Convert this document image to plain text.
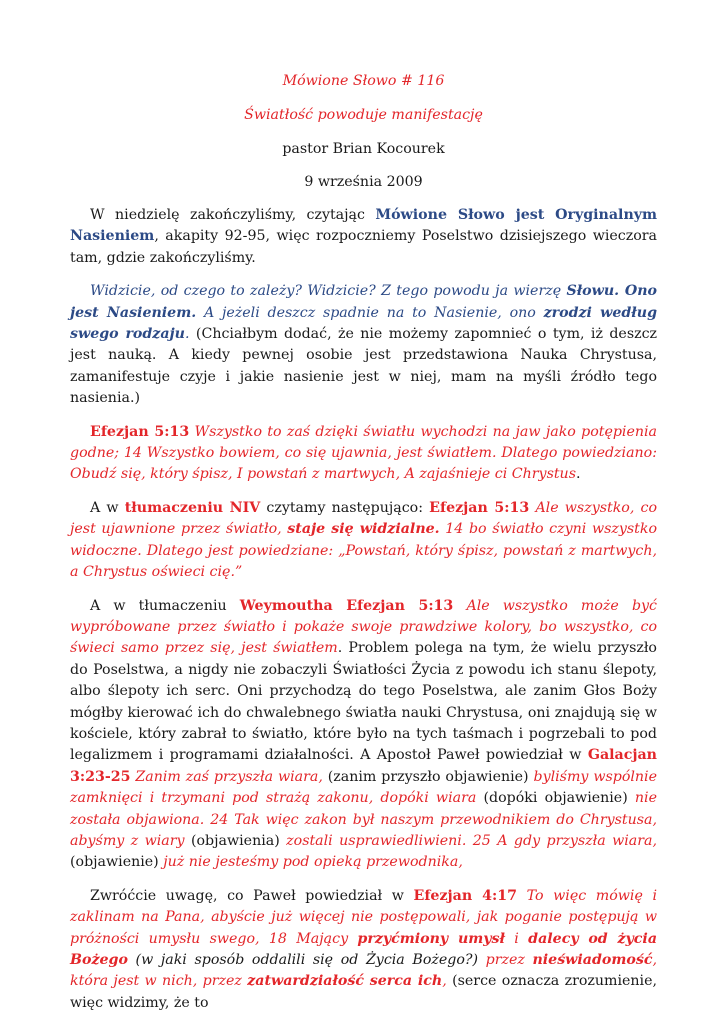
Mówione Słowo # 116
Światłość powoduje manifestację
pastor Brian Kocourek
9 września 2009

W niedzielę zakończyliśmy, czytając Mówione Słowo jest Oryginalnym Nasieniem, akapity 92-95, więc rozpoczniemy Poselstwo dzisiejszego wieczora tam, gdzie zakończyliśmy.

Widzicie, od czego to zależy? Widzicie? Z tego powodu ja wierzę Słowu. Ono jest Nasieniem. A jeżeli deszcz spadnie na to Nasienie, ono zrodzi według swego rodzaju. (Chciałbym dodać, że nie możemy zapomnieć o tym, iż deszcz jest nauką. A kiedy pewnej osobie jest przedstawiona Nauka Chrystusa, zamanifestuje czyje i jakie nasienie jest w niej, mam na myśli źródło tego nasienia.)

Efezjan 5:13 Wszystko to zaś dzięki światłu wychodzi na jaw jako potępienia godne; 14 Wszystko bowiem, co się ujawnia, jest światłem. Dlatego powiedziano: Obudź się, który śpisz, I powstań z martwych, A zajaśnieje ci Chrystus.

A w tłumaczeniu NIV czytamy następująco: Efezjan 5:13 Ale wszystko, co jest ujawnione przez światło, staje się widzialne. 14 bo światło czyni wszystko widoczne. Dlatego jest powiedziane: „Powstań, który śpisz, powstań z martwych, a Chrystus oświeci cię.”

A w tłumaczeniu Weymoutha Efezjan 5:13 Ale wszystko może być wypróbowane przez światło i pokaże swoje prawdziwe kolory, bo wszystko, co świeci samo przez się, jest światłem. Problem polega na tym, że wielu przyszło do Poselstwa, a nigdy nie zobaczyli Światłości Życia z powodu ich stanu ślepoty, albo ślepoty ich serc. Oni przychodzą do tego Poselstwa, ale zanim Głos Boży mógłby kierować ich do chwalebnego światła nauki Chrystusa, oni znajdują się w kościele, który zabrał to światło, które było na tych taśmach i pogrzebali to pod legalizmem i programami działalności. A Apostoł Paweł powiedział w Galacjan 3:23-25 Zanim zaś przyszła wiara, (zanim przyszło objawienie) byliśmy wspólnie zamknięci i trzymani pod strażą zakonu, dopóki wiara (dopóki objawienie) nie została objawiona. 24 Tak więc zakon był naszym przewodnikiem do Chrystusa, abyśmy z wiary (objawienia) zostali usprawiedliwieni. 25 A gdy przyszła wiara, (objawienie) już nie jesteśmy pod opieką przewodnika,

Zwróćcie uwagę, co Paweł powiedział w Efezjan 4:17 To więc mówię i zaklinam na Pana, abyście już więcej nie postępowali, jak poganie postępują w próżności umysłu swego, 18 Mający przyćmiony umysł i dalecy od życia Bożego (w jaki sposób oddalili się od Życia Bożego?) przez nieświadomość, która jest w nich, przez zatwardziałość serca ich, (serce oznacza zrozumienie, więc widzimy, że to
